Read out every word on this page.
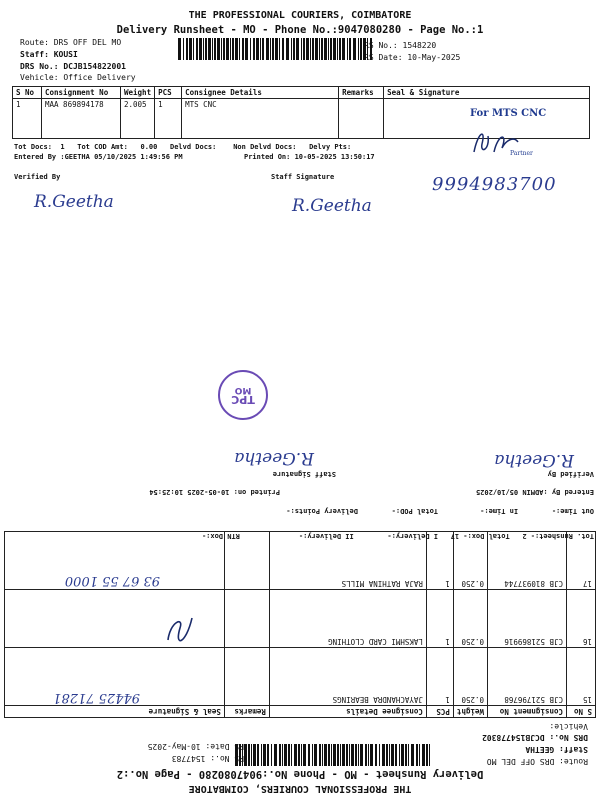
THE PROFESSIONAL COURIERS, COIMBATORE
Delivery Runsheet - MO - Phone No.:9047080280 - Page No.:1
Route: DRS OFF DEL MO
Staff: KOUSI
DRS No.: DCJB154822001
Vehicle: Office Delivery
RS No.: 1548220
RS Date: 10-May-2025
S No	Consignment No	Weight	PCS	Consignee Details	Remarks	Seal & Signature
1	MAA 869894178	2.005	1	MTS CNC		
For MTS CNC
Partner
Tot Docs: 1 Tot COD Amt: 0.00 Delvd Docs: Non Delvd Docs: Delvy Pts:
Entered By :GEETHA 05/10/2025 1:49:56 PM	Printed On: 10-05-2025 13:50:17
Verified By	Staff Signature
R.Geetha	R.Geetha
9994983700
TPC
MO
THE PROFESSIONAL COURIERS, COIMBATORE
Delivery Runsheet - MO - Phone No.:9047080280 - Page No.:2
Route: DRS OFF DEL MO
Staff: GEETHA
DRS No.: DCJB154778302
Vehicle:
RS No.: 1547783
RS Date: 10-May-2025
S No	Consignment No	Weight	PCS	Consignee Details	Remarks	Seal & Signature
15	CJB 521796768	0.250	1	JAYACHANDRA BEARINGS		
16	CJB 521869916	0.250	1	LAKSHMI CARD CLOTHING		
17	CJB 810937744	0.250	1	RAJA RATHINA MILLS		
94425 71281
93 67 55 1000
Tot. Runsheet:- 2   Total Dox:- 17   I Delivery:-        II Delivery:-              RTN Dox:-
Out Time:-        In Time:-          Total POD:-        Delivery Points:-
Entered By :ADMIN 05/10/2025
Printed on: 10-05-2025 10:25:54
Verified By
Staff Signature
R.Geetha
R.Geetha
